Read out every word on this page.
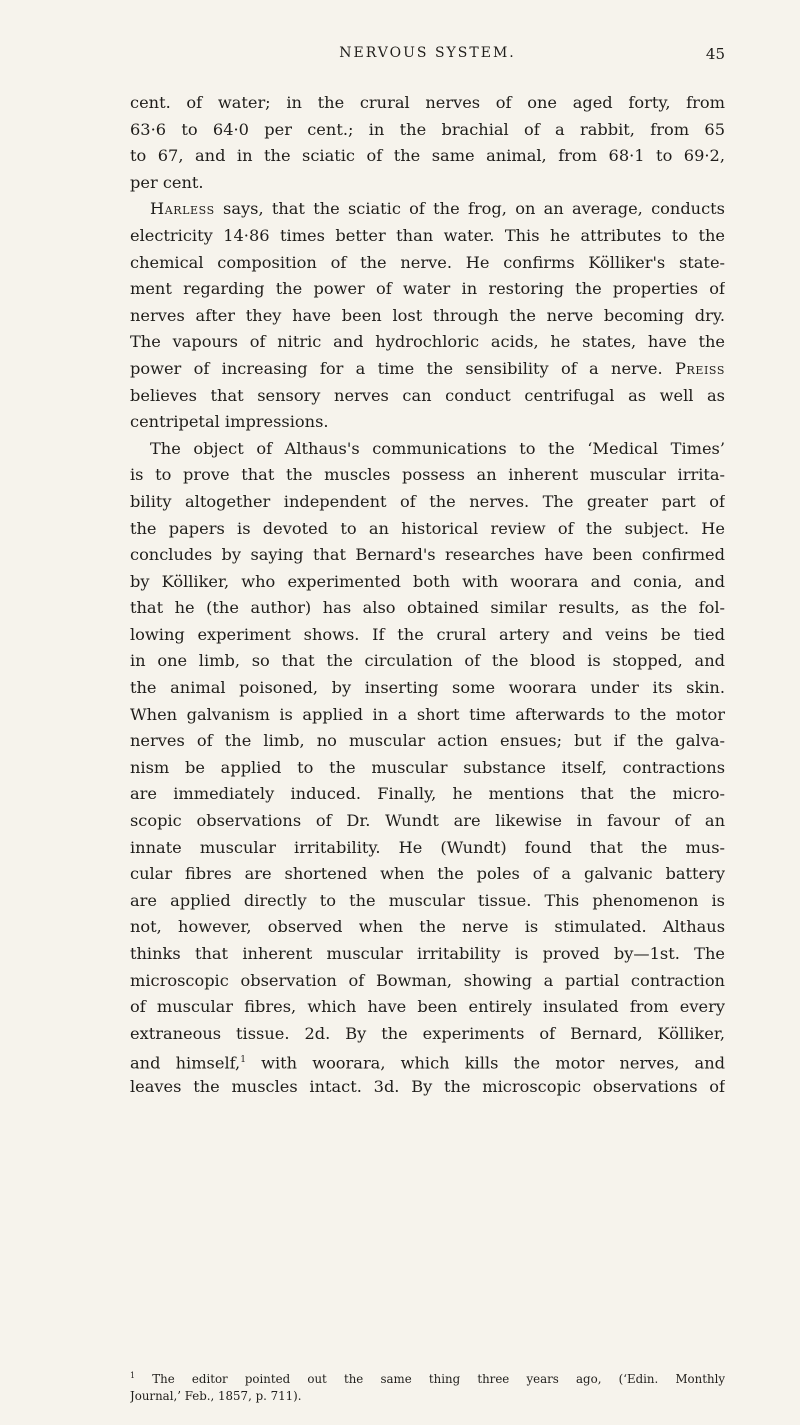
NERVOUS SYSTEM.	45
cent. of water; in the crural nerves of one aged forty, from
63·6 to 64·0 per cent.; in the brachial of a rabbit, from 65
to 67, and in the sciatic of the same animal, from 68·1 to 69·2,
per cent.
Harless says, that the sciatic of the frog, on an average, conducts
electricity 14·86 times better than water. This he attributes to the
chemical composition of the nerve. He confirms Kölliker's state-
ment regarding the power of water in restoring the properties of
nerves after they have been lost through the nerve becoming dry.
The vapours of nitric and hydrochloric acids, he states, have the
power of increasing for a time the sensibility of a nerve. Preiss
believes that sensory nerves can conduct centrifugal as well as
centripetal impressions.
The object of Althaus's communications to the ‘Medical Times’
is to prove that the muscles possess an inherent muscular irrita-
bility altogether independent of the nerves. The greater part of
the papers is devoted to an historical review of the subject. He
concludes by saying that Bernard's researches have been confirmed
by Kölliker, who experimented both with woorara and conia, and
that he (the author) has also obtained similar results, as the fol-
lowing experiment shows. If the crural artery and veins be tied
in one limb, so that the circulation of the blood is stopped, and
the animal poisoned, by inserting some woorara under its skin.
When galvanism is applied in a short time afterwards to the motor
nerves of the limb, no muscular action ensues; but if the galva-
nism be applied to the muscular substance itself, contractions
are immediately induced. Finally, he mentions that the micro-
scopic observations of Dr. Wundt are likewise in favour of an
innate muscular irritability. He (Wundt) found that the mus-
cular fibres are shortened when the poles of a galvanic battery
are applied directly to the muscular tissue. This phenomenon is
not, however, observed when the nerve is stimulated. Althaus
thinks that inherent muscular irritability is proved by—1st. The
microscopic observation of Bowman, showing a partial contraction
of muscular fibres, which have been entirely insulated from every
extraneous tissue. 2d. By the experiments of Bernard, Kölliker,
and himself,$^1$ with woorara, which kills the motor nerves, and
leaves the muscles intact. 3d. By the microscopic observations of
$^1$ The editor pointed out the same thing three years ago, (‘Edin. Monthly
Journal,’ Feb., 1857, p. 711).
